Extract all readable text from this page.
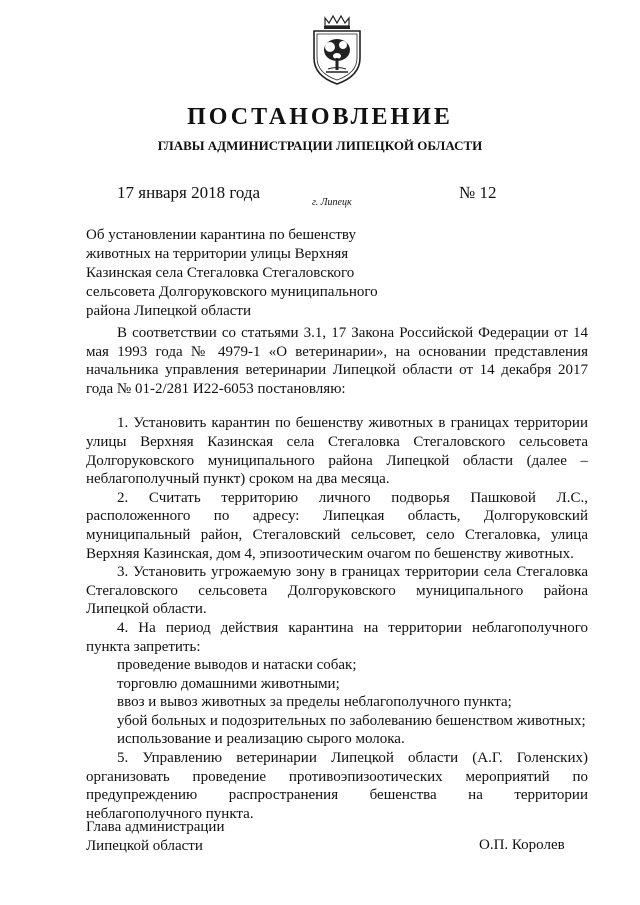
ПОСТАНОВЛЕНИЕ
ГЛАВЫ АДМИНИСТРАЦИИ ЛИПЕЦКОЙ ОБЛАСТИ
17 января 2018 года
г. Липецк
№ 12
Об установлении карантина по бешенству
животных на территории улицы Верхняя
Казинская села Стегаловка Стегаловского
сельсовета Долгоруковского муниципального
района Липецкой области

В соответствии со статьями 3.1, 17 Закона Российской Федерации от 14 мая 1993 года № 4979-1 «О ветеринарии», на основании представления начальника управления ветеринарии Липецкой области от 14 декабря 2017 года № 01-2/281 И22-6053 постановляю:

1. Установить карантин по бешенству животных в границах территории улицы Верхняя Казинская села Стегаловка Стегаловского сельсовета Долгоруковского муниципального района Липецкой области (далее – неблагополучный пункт) сроком на два месяца.

2. Считать территорию личного подворья Пашковой Л.С., расположенного по адресу: Липецкая область, Долгоруковский муниципальный район, Стегаловский сельсовет, село Стегаловка, улица Верхняя Казинская, дом 4, эпизоотическим очагом по бешенству животных.

3. Установить угрожаемую зону в границах территории села Стегаловка Стегаловского сельсовета Долгоруковского муниципального района Липецкой области.

4. На период действия карантина на территории неблагополучного пункта запретить:

проведение выводов и натаски собак;

торговлю домашними животными;

ввоз и вывоз животных за пределы неблагополучного пункта;

убой больных и подозрительных по заболеванию бешенством животных;

использование и реализацию сырого молока.

5. Управлению ветеринарии Липецкой области (А.Г. Голенских) организовать проведение противоэпизоотических мероприятий по предупреждению распространения бешенства на территории неблагополучного пункта.

Глава администрации
Липецкой области	О.П. Королев
